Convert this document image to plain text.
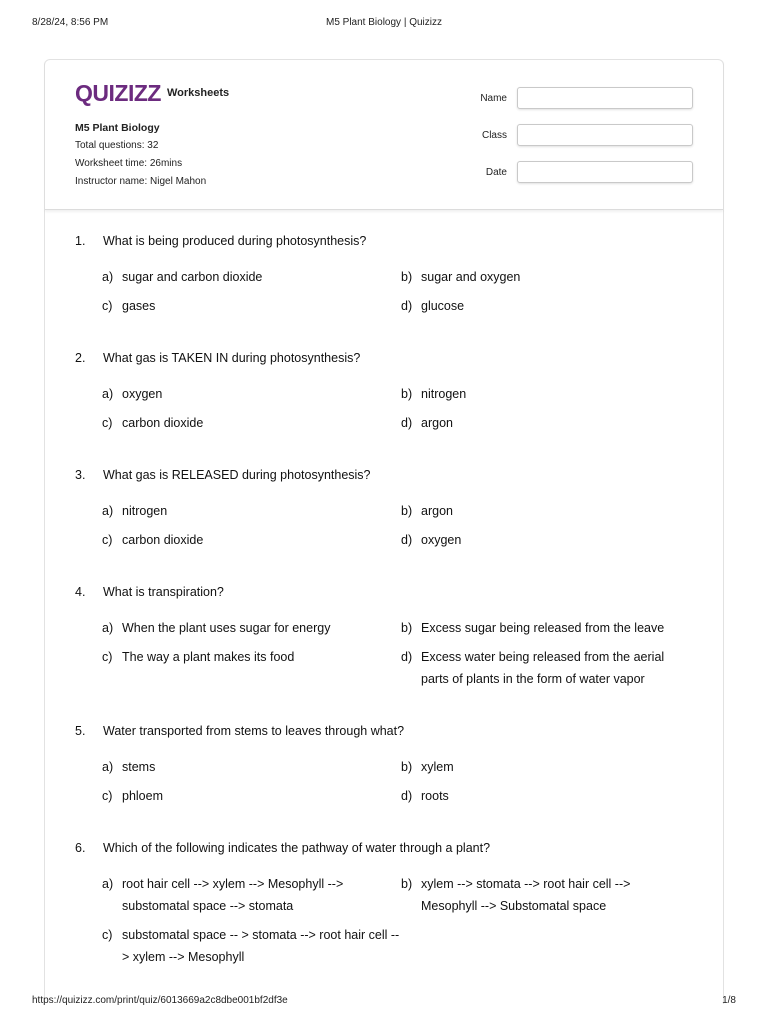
8/28/24, 8:56 PM	M5 Plant Biology | Quizizz
QUIZIZZ Worksheets
M5 Plant Biology
Total questions: 32
Worksheet time: 26mins
Instructor name: Nigel Mahon
Name
Class
Date
1.	What is being produced during photosynthesis?
a) sugar and carbon dioxide	b) sugar and oxygen
c) gases	d) glucose
2.	What gas is TAKEN IN during photosynthesis?
a) oxygen	b) nitrogen
c) carbon dioxide	d) argon
3.	What gas is RELEASED during photosynthesis?
a) nitrogen	b) argon
c) carbon dioxide	d) oxygen
4.	What is transpiration?
a) When the plant uses sugar for energy	b) Excess sugar being released from the leave
c) The way a plant makes its food	d) Excess water being released from the aerial parts of plants in the form of water vapor
5.	Water transported from stems to leaves through what?
a) stems	b) xylem
c) phloem	d) roots
6.	Which of the following indicates the pathway of water through a plant?
a) root hair cell --> xylem --> Mesophyll --> substomatal space --> stomata
b) xylem --> stomata --> root hair cell --> Mesophyll --> Substomatal space
c) substomatal space -- > stomata --> root hair cell --> xylem --> Mesophyll
https://quizizz.com/print/quiz/6013669a2c8dbe001bf2df3e	1/8
